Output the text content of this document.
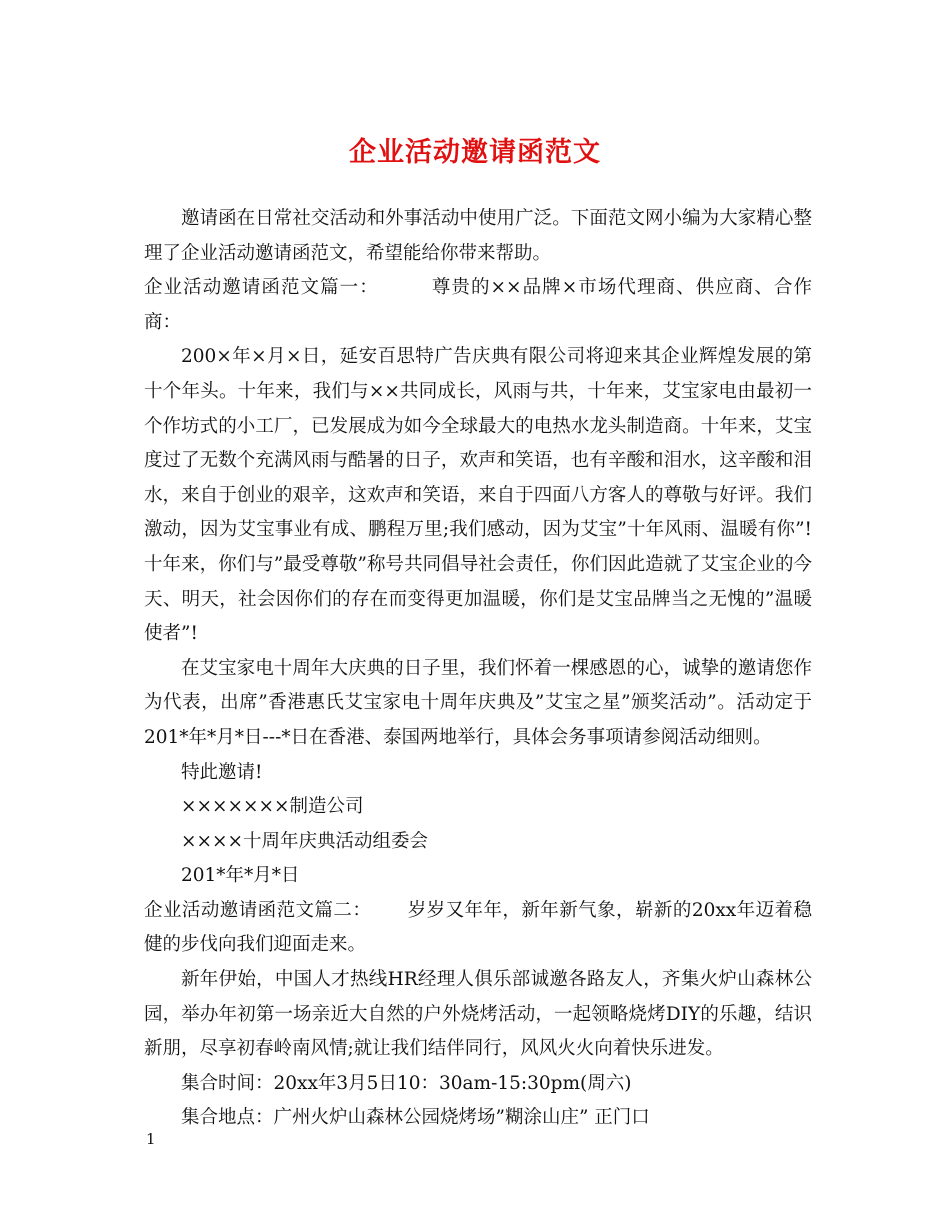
企业活动邀请函范文

邀请函在日常社交活动和外事活动中使用广泛。下面范文网小编为大家精心整理了企业活动邀请函范文，希望能给你带来帮助。

企业活动邀请函范文篇一：	尊贵的××品牌×市场代理商、供应商、合作商：

200×年×月×日，延安百思特广告庆典有限公司将迎来其企业辉煌发展的第十个年头。十年来，我们与××共同成长，风雨与共，十年来，艾宝家电由最初一个作坊式的小工厂，已发展成为如今全球最大的电热水龙头制造商。十年来，艾宝度过了无数个充满风雨与酷暑的日子，欢声和笑语，也有辛酸和泪水，这辛酸和泪水，来自于创业的艰辛，这欢声和笑语，来自于四面八方客人的尊敬与好评。我们激动，因为艾宝事业有成、鹏程万里;我们感动，因为艾宝”十年风雨、温暖有你”!十年来，你们与”最受尊敬”称号共同倡导社会责任，你们因此造就了艾宝企业的今天、明天，社会因你们的存在而变得更加温暖，你们是艾宝品牌当之无愧的”温暖使者”!

在艾宝家电十周年大庆典的日子里，我们怀着一棵感恩的心，诚挚的邀请您作为代表，出席”香港惠氏艾宝家电十周年庆典及”艾宝之星”颁奖活动”。活动定于201*年*月*日---*日在香港、泰国两地举行，具体会务事项请参阅活动细则。

特此邀请!

×××××××制造公司

××××十周年庆典活动组委会

201*年*月*日

企业活动邀请函范文篇二： 岁岁又年年，新年新气象，崭新的20xx年迈着稳健的步伐向我们迎面走来。

新年伊始，中国人才热线HR经理人俱乐部诚邀各路友人，齐集火炉山森林公园，举办年初第一场亲近大自然的户外烧烤活动，一起领略烧烤DIY的乐趣，结识新朋，尽享初春岭南风情;就让我们结伴同行，风风火火向着快乐进发。

集合时间：20xx年3月5日10：30am-15:30pm(周六)

集合地点：广州火炉山森林公园烧烤场”糊涂山庄” 正门口

1
